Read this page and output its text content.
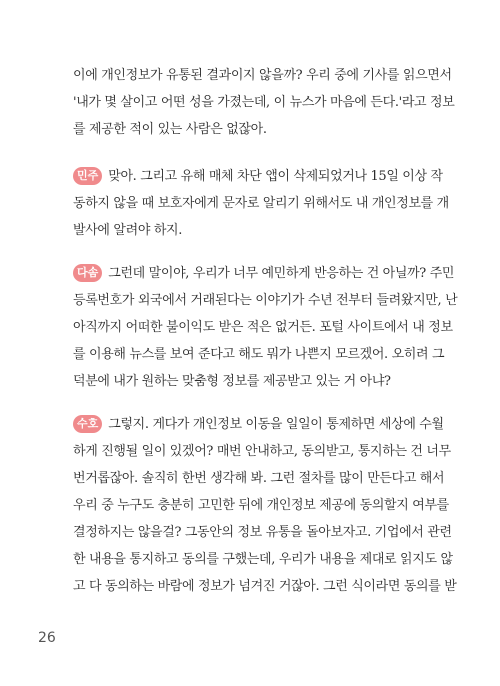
이에 개인정보가 유통된 결과이지 않을까? 우리 중에 기사를 읽으면서
'내가 몇 살이고 어떤 성을 가졌는데, 이 뉴스가 마음에 든다.'라고 정보
를 제공한 적이 있는 사람은 없잖아.
민주 맞아. 그리고 유해 매체 차단 앱이 삭제되었거나 15일 이상 작
동하지 않을 때 보호자에게 문자로 알리기 위해서도 내 개인정보를 개
발사에 알려야 하지.
다솜 그런데 말이야, 우리가 너무 예민하게 반응하는 건 아닐까? 주민
등록번호가 외국에서 거래된다는 이야기가 수년 전부터 들려왔지만, 난
아직까지 어떠한 불이익도 받은 적은 없거든. 포털 사이트에서 내 정보
를 이용해 뉴스를 보여 준다고 해도 뭐가 나쁜지 모르겠어. 오히려 그
덕분에 내가 원하는 맞춤형 정보를 제공받고 있는 거 아냐?
수호 그렇지. 게다가 개인정보 이동을 일일이 통제하면 세상에 수월
하게 진행될 일이 있겠어? 매번 안내하고, 동의받고, 통지하는 건 너무
번거롭잖아. 솔직히 한번 생각해 봐. 그런 절차를 많이 만든다고 해서
우리 중 누구도 충분히 고민한 뒤에 개인정보 제공에 동의할지 여부를
결정하지는 않을걸? 그동안의 정보 유통을 돌아보자고. 기업에서 관련
한 내용을 통지하고 동의를 구했는데, 우리가 내용을 제대로 읽지도 않
고 다 동의하는 바람에 정보가 넘겨진 거잖아. 그런 식이라면 동의를 받
26
